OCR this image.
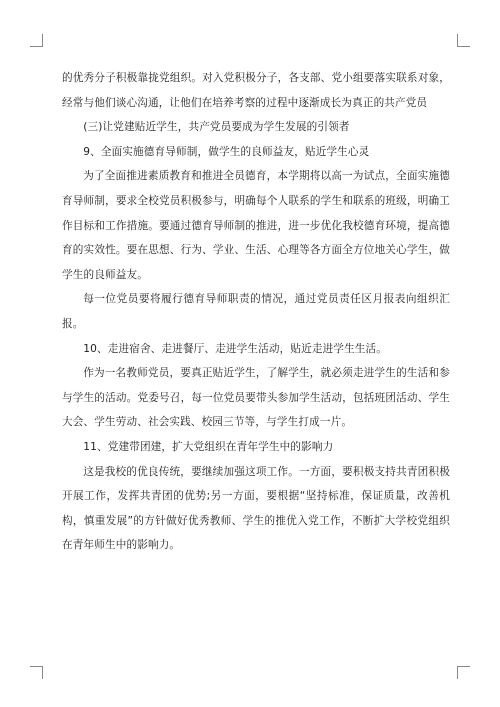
的优秀分子积极靠拢党组织。对入党积极分子，各支部、党小组要落实联系对象，经常与他们谈心沟通，让他们在培养考察的过程中逐渐成长为真正的共产党员

(三)让党建贴近学生，共产党员要成为学生发展的引领者

9、全面实施德育导师制，做学生的良师益友，贴近学生心灵

为了全面推进素质教育和推进全员德育，本学期将以高一为试点，全面实施德育导师制，要求全校党员积极参与，明确每个人联系的学生和联系的班级，明确工作目标和工作措施。要通过德育导师制的推进，进一步优化我校德育环境，提高德育的实效性。要在思想、行为、学业、生活、心理等各方面全方位地关心学生，做学生的良师益友。

每一位党员要将履行德育导师职责的情况，通过党员责任区月报表向组织汇报。

10、走进宿舍、走进餐厅、走进学生活动，贴近走进学生生活。

作为一名教师党员，要真正贴近学生，了解学生，就必须走进学生的生活和参与学生的活动。党委号召，每一位党员要带头参加学生活动，包括班团活动、学生大会、学生劳动、社会实践、校园三节等，与学生打成一片。

11、党建带团建，扩大党组织在青年学生中的影响力

这是我校的优良传统，要继续加强这项工作。一方面，要积极支持共青团积极开展工作，发挥共青团的优势;另一方面，要根据“坚持标准，保证质量，改善机构，慎重发展”的方针做好优秀教师、学生的推优入党工作，不断扩大学校党组织在青年师生中的影响力。
